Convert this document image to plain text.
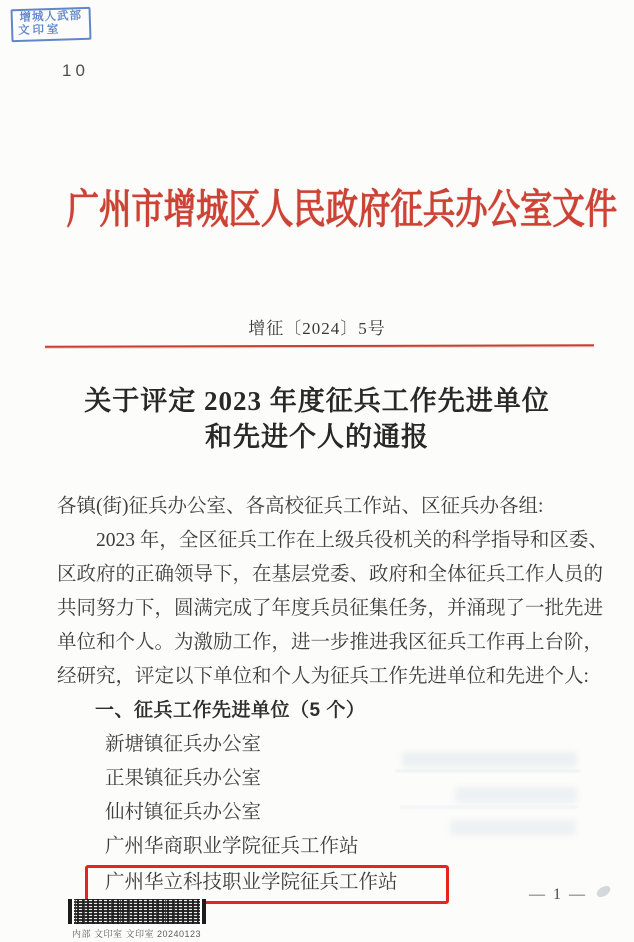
增城人武部
文 印 室
10
广州市增城区人民政府征兵办公室文件
增征〔2024〕5号
关于评定 2023 年度征兵工作先进单位
和先进个人的通报
各镇(街)征兵办公室、各高校征兵工作站、区征兵办各组:
2023 年，全区征兵工作在上级兵役机关的科学指导和区委、
区政府的正确领导下，在基层党委、政府和全体征兵工作人员的
共同努力下，圆满完成了年度兵员征集任务，并涌现了一批先进
单位和个人。为激励工作，进一步推进我区征兵工作再上台阶，
经研究，评定以下单位和个人为征兵工作先进单位和先进个人:
一、征兵工作先进单位（5 个）
新塘镇征兵办公室
正果镇征兵办公室
仙村镇征兵办公室
广州华商职业学院征兵工作站
广州华立科技职业学院征兵工作站
— 1 —
内部 文印室 文印室 20240123
